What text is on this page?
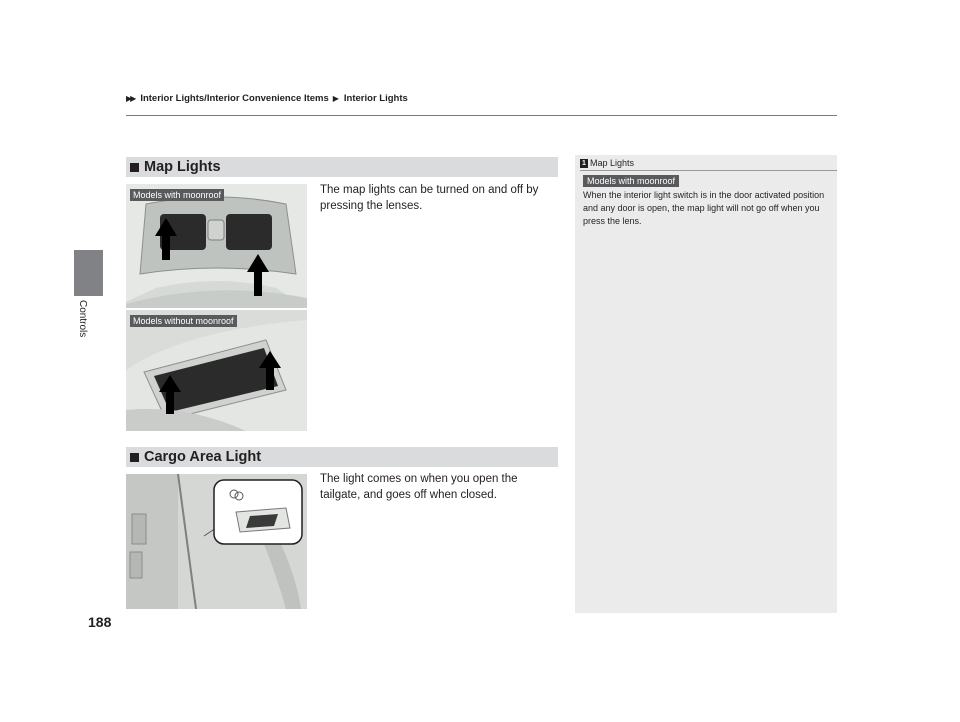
▶▶ Interior Lights/Interior Convenience Items ▶ Interior Lights
Controls
Map Lights
Models with moonroof
Models without moonroof
The map lights can be turned on and off by pressing the lenses.
Cargo Area Light
The light comes on when you open the tailgate, and goes off when closed.
1 Map Lights
Models with moonroof
When the interior light switch is in the door activated position and any door is open, the map light will not go off when you press the lens.
188
